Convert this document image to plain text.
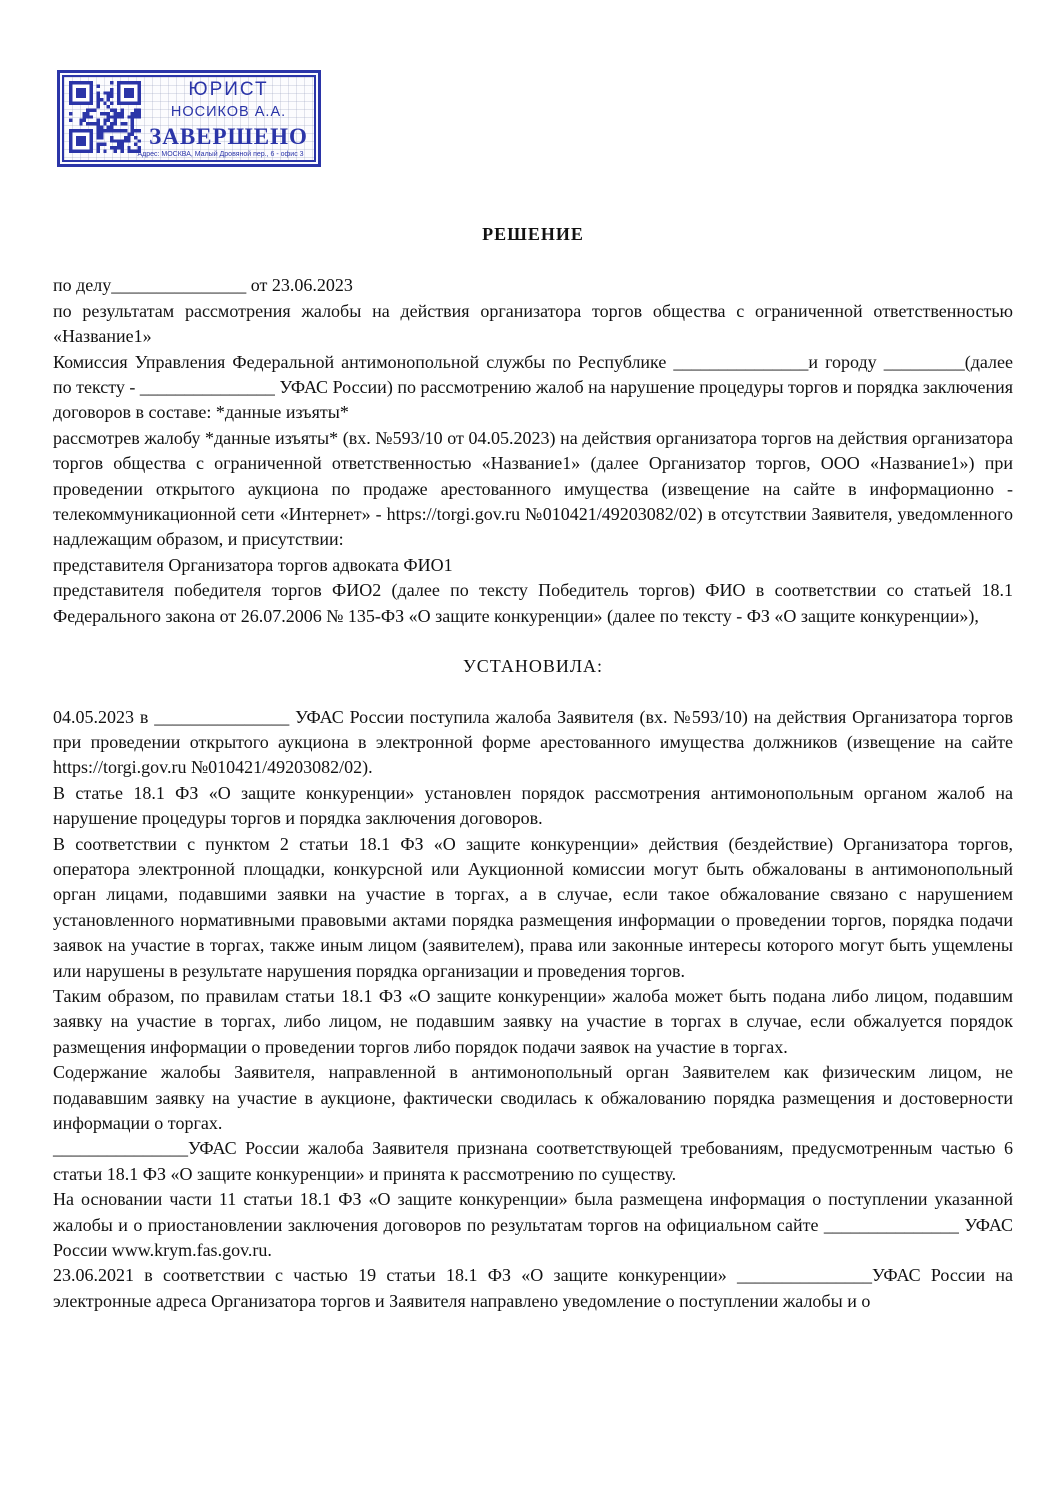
ЮРИСТ
НОСИКОВ А.А.
ЗАВЕРШЕНО
Адрес: МОСКВА, Малый Дровяной пер., 6 - офис 3
РЕШЕНИЕ

по делу_______________ от 23.06.2023

по результатам рассмотрения жалобы на действия организатора торгов общества с ограниченной ответственностью «Название1»

Комиссия Управления Федеральной антимонопольной службы по Республике _______________и городу _________(далее по тексту - _______________ УФАС России) по рассмотрению жалоб на нарушение процедуры торгов и порядка заключения договоров в составе: *данные изъяты*

рассмотрев жалобу *данные изъяты* (вх. №593/10 от 04.05.2023) на действия организатора торгов на действия организатора торгов общества с ограниченной ответственностью «Название1» (далее Организатор торгов, ООО «Название1») при проведении открытого аукциона по продаже арестованного имущества (извещение на сайте в информационно - телекоммуникационной сети «Интернет» - https://torgi.gov.ru №010421/49203082/02) в отсутствии Заявителя, уведомленного надлежащим образом, и присутствии:

представителя Организатора торгов адвоката ФИО1

представителя победителя торгов ФИО2 (далее по тексту Победитель торгов) ФИО в соответствии со статьей 18.1 Федерального закона от 26.07.2006 № 135-ФЗ «О защите конкуренции» (далее по тексту - ФЗ «О защите конкуренции»),

УСТАНОВИЛА:

04.05.2023 в _______________ УФАС России поступила жалоба Заявителя (вх. №593/10) на действия Организатора торгов при проведении открытого аукциона в электронной форме арестованного имущества должников (извещение на сайте https://torgi.gov.ru №010421/49203082/02).

В статье 18.1 ФЗ «О защите конкуренции» установлен порядок рассмотрения антимонопольным органом жалоб на нарушение процедуры торгов и порядка заключения договоров.

В соответствии с пунктом 2 статьи 18.1 ФЗ «О защите конкуренции» действия (бездействие) Организатора торгов, оператора электронной площадки, конкурсной или Аукционной комиссии могут быть обжалованы в антимонопольный орган лицами, подавшими заявки на участие в торгах, а в случае, если такое обжалование связано с нарушением установленного нормативными правовыми актами порядка размещения информации о проведении торгов, порядка подачи заявок на участие в торгах, также иным лицом (заявителем), права или законные интересы которого могут быть ущемлены или нарушены в результате нарушения порядка организации и проведения торгов.

Таким образом, по правилам статьи 18.1 ФЗ «О защите конкуренции» жалоба может быть подана либо лицом, подавшим заявку на участие в торгах, либо лицом, не подавшим заявку на участие в торгах в случае, если обжалуется порядок размещения информации о проведении торгов либо порядок подачи заявок на участие в торгах.

Содержание жалобы Заявителя, направленной в антимонопольный орган Заявителем как физическим лицом, не подававшим заявку на участие в аукционе, фактически сводилась к обжалованию порядка размещения и достоверности информации о торгах.

_______________УФАС России жалоба Заявителя признана соответствующей требованиям, предусмотренным частью 6 статьи 18.1 ФЗ «О защите конкуренции» и принята к рассмотрению по существу.

На основании части 11 статьи 18.1 ФЗ «О защите конкуренции» была размещена информация о поступлении указанной жалобы и о приостановлении заключения договоров по результатам торгов на официальном сайте _______________ УФАС России www.krym.fas.gov.ru.

23.06.2021 в соответствии с частью 19 статьи 18.1 ФЗ «О защите конкуренции» _______________УФАС России на электронные адреса Организатора торгов и Заявителя направлено уведомление о поступлении жалобы и о
